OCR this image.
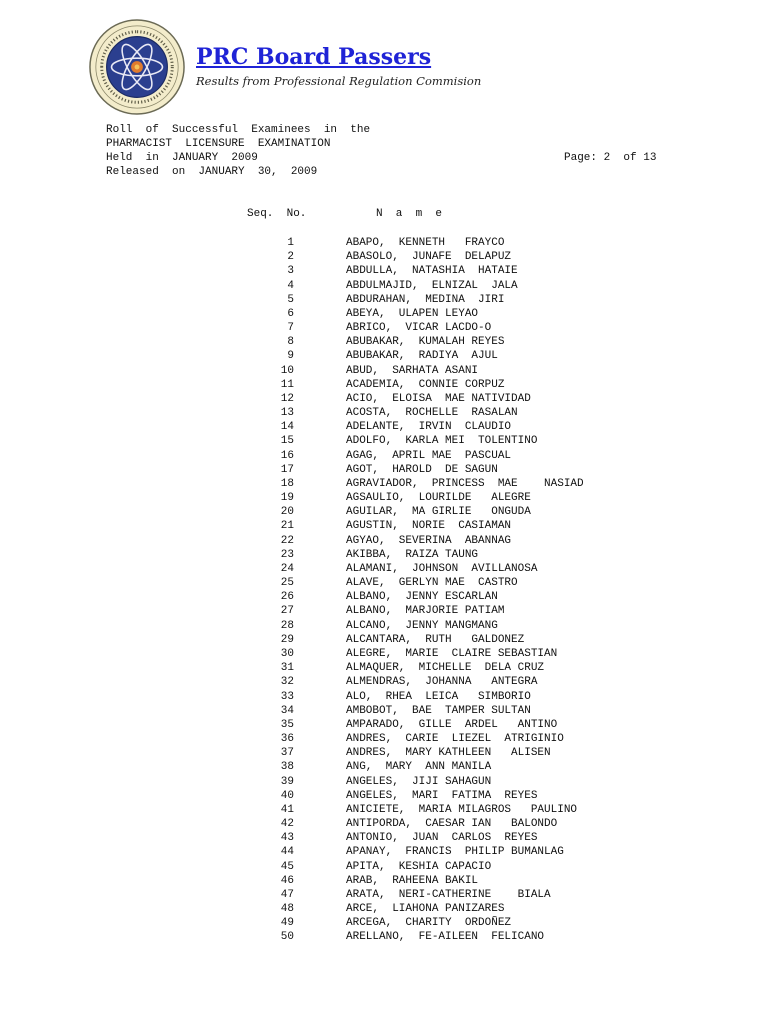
PRC Board Passers
Results from Professional Regulation Commision
Roll  of  Successful  Examinees  in  the
PHARMACIST  LICENSURE  EXAMINATION
Held  in  JANUARY  2009
Released  on  JANUARY  30,  2009
Page: 2  of 13
Seq.  No.	N  a  m  e
1	ABAPO,  KENNETH   FRAYCO
2	ABASOLO,  JUNAFE  DELAPUZ
3	ABDULLA,  NATASHIA  HATAIE
4	ABDULMAJID,  ELNIZAL  JALA
5	ABDURAHAN,  MEDINA  JIRI
6	ABEYA,  ULAPEN LEYAO
7	ABRICO,  VICAR LACDO-O
8	ABUBAKAR,  KUMALAH REYES
9	ABUBAKAR,  RADIYA  AJUL
10	ABUD,  SARHATA ASANI
11	ACADEMIA,  CONNIE CORPUZ
12	ACIO,  ELOISA  MAE NATIVIDAD
13	ACOSTA,  ROCHELLE  RASALAN
14	ADELANTE,  IRVIN  CLAUDIO
15	ADOLFO,  KARLA MEI  TOLENTINO
16	AGAG,  APRIL MAE  PASCUAL
17	AGOT,  HAROLD  DE SAGUN
18	AGRAVIADOR,  PRINCESS  MAE    NASIAD
19	AGSAULIO,  LOURILDE   ALEGRE
20	AGUILAR,  MA GIRLIE   ONGUDA
21	AGUSTIN,  NORIE  CASIAMAN
22	AGYAO,  SEVERINA  ABANNAG
23	AKIBBA,  RAIZA TAUNG
24	ALAMANI,  JOHNSON  AVILLANOSA
25	ALAVE,  GERLYN MAE  CASTRO
26	ALBANO,  JENNY ESCARLAN
27	ALBANO,  MARJORIE PATIAM
28	ALCANO,  JENNY MANGMANG
29	ALCANTARA,  RUTH   GALDONEZ
30	ALEGRE,  MARIE  CLAIRE SEBASTIAN
31	ALMAQUER,  MICHELLE  DELA CRUZ
32	ALMENDRAS,  JOHANNA   ANTEGRA
33	ALO,  RHEA  LEICA   SIMBORIO
34	AMBOBOT,  BAE  TAMPER SULTAN
35	AMPARADO,  GILLE  ARDEL   ANTINO
36	ANDRES,  CARIE  LIEZEL  ATRIGINIO
37	ANDRES,  MARY KATHLEEN   ALISEN
38	ANG,  MARY  ANN MANILA
39	ANGELES,  JIJI SAHAGUN
40	ANGELES,  MARI  FATIMA  REYES
41	ANICIETE,  MARIA MILAGROS   PAULINO
42	ANTIPORDA,  CAESAR IAN   BALONDO
43	ANTONIO,  JUAN  CARLOS  REYES
44	APANAY,  FRANCIS  PHILIP BUMANLAG
45	APITA,  KESHIA CAPACIO
46	ARAB,  RAHEENA BAKIL
47	ARATA,  NERI-CATHERINE    BIALA
48	ARCE,  LIAHONA PANIZARES
49	ARCEGA,  CHARITY  ORDOÑEZ
50	ARELLANO,  FE-AILEEN  FELICANO
